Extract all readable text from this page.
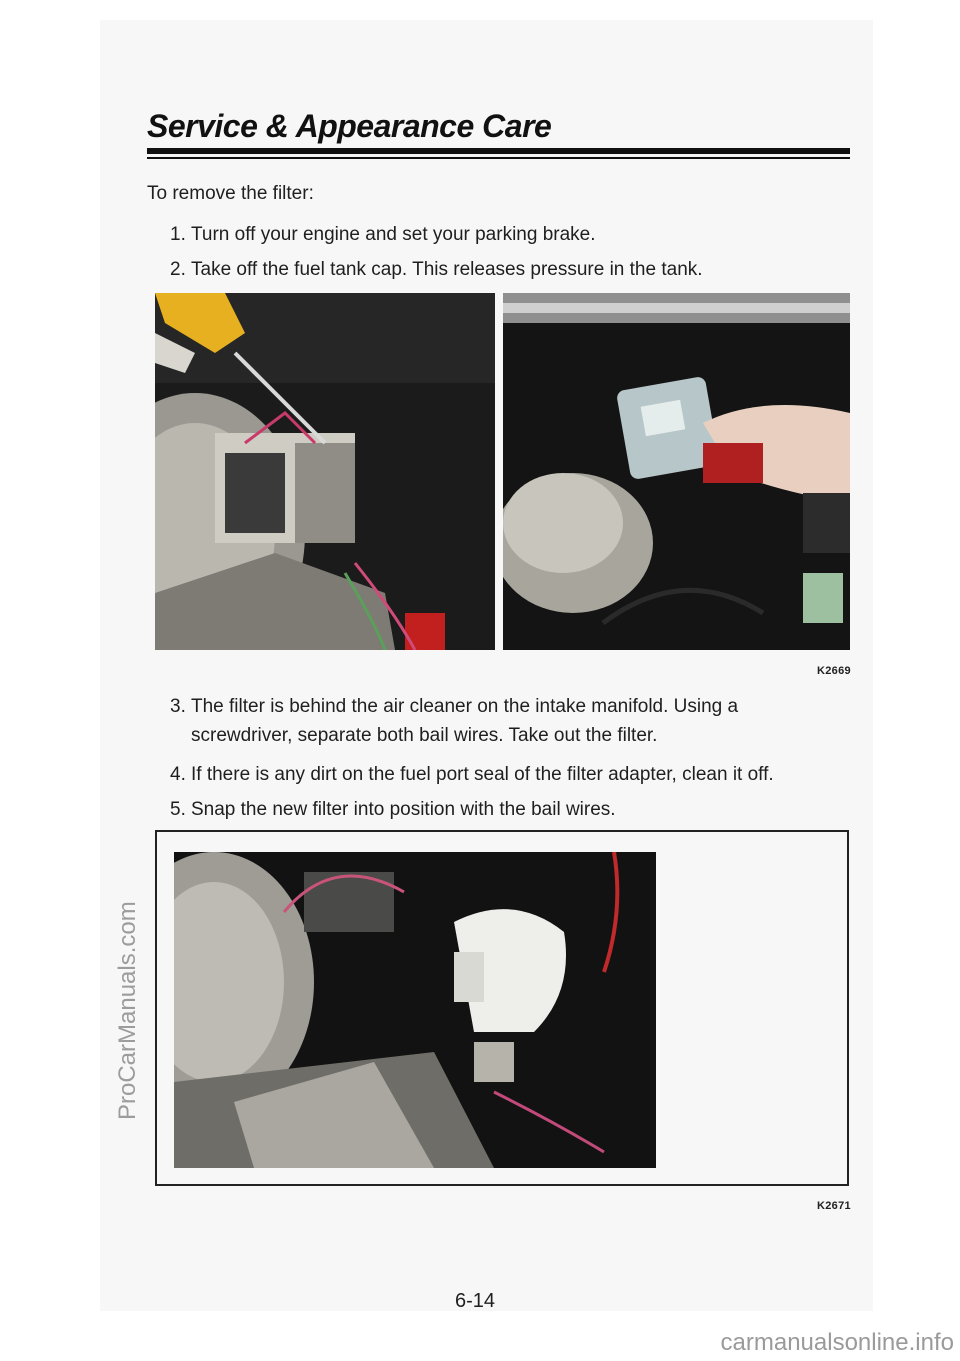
Service & Appearance Care
To remove the filter:
1. Turn off your engine and set your parking brake.
2. Take off the fuel tank cap. This releases pressure in the tank.
K2669
3. The filter is behind the air cleaner on the intake manifold. Using a screwdriver, separate both bail wires. Take out the filter.
4. If there is any dirt on the fuel port seal of the filter adapter, clean it off.
5. Snap the new filter into position with the bail wires.
K2671
6-14
ProCarManuals.com
carmanualsonline.info
